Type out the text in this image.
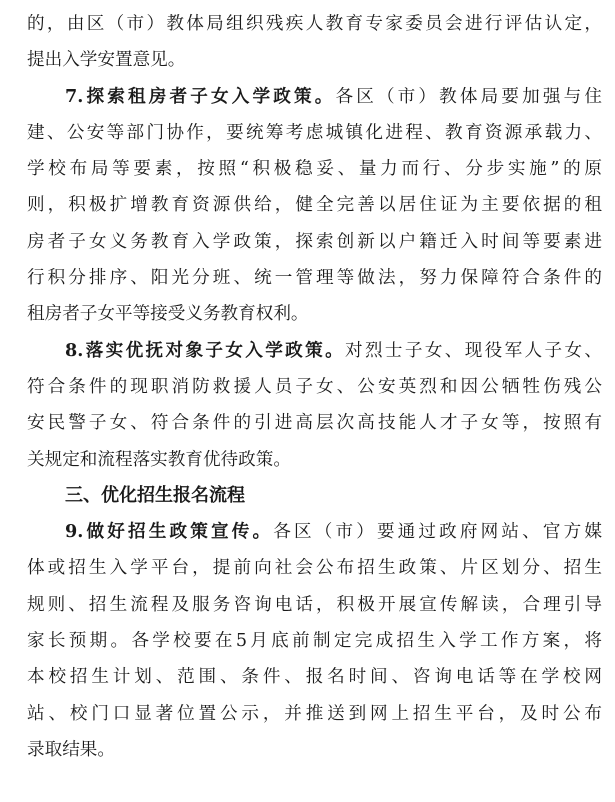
的，由区（市）教体局组织残疾人教育专家委员会进行评估认定，
提出入学安置意见。
7.探索租房者子女入学政策。各区（市）教体局要加强与住
建、公安等部门协作，要统筹考虑城镇化进程、教育资源承载力、
学校布局等要素，按照“积极稳妥、量力而行、分步实施”的原
则，积极扩增教育资源供给，健全完善以居住证为主要依据的租
房者子女义务教育入学政策，探索创新以户籍迁入时间等要素进
行积分排序、阳光分班、统一管理等做法，努力保障符合条件的
租房者子女平等接受义务教育权利。
8.落实优抚对象子女入学政策。对烈士子女、现役军人子女、
符合条件的现职消防救援人员子女、公安英烈和因公牺牲伤残公
安民警子女、符合条件的引进高层次高技能人才子女等，按照有
关规定和流程落实教育优待政策。
三、优化招生报名流程
9.做好招生政策宣传。各区（市）要通过政府网站、官方媒
体或招生入学平台，提前向社会公布招生政策、片区划分、招生
规则、招生流程及服务咨询电话，积极开展宣传解读，合理引导
家长预期。各学校要在5月底前制定完成招生入学工作方案，将
本校招生计划、范围、条件、报名时间、咨询电话等在学校网
站、校门口显著位置公示，并推送到网上招生平台，及时公布
录取结果。
